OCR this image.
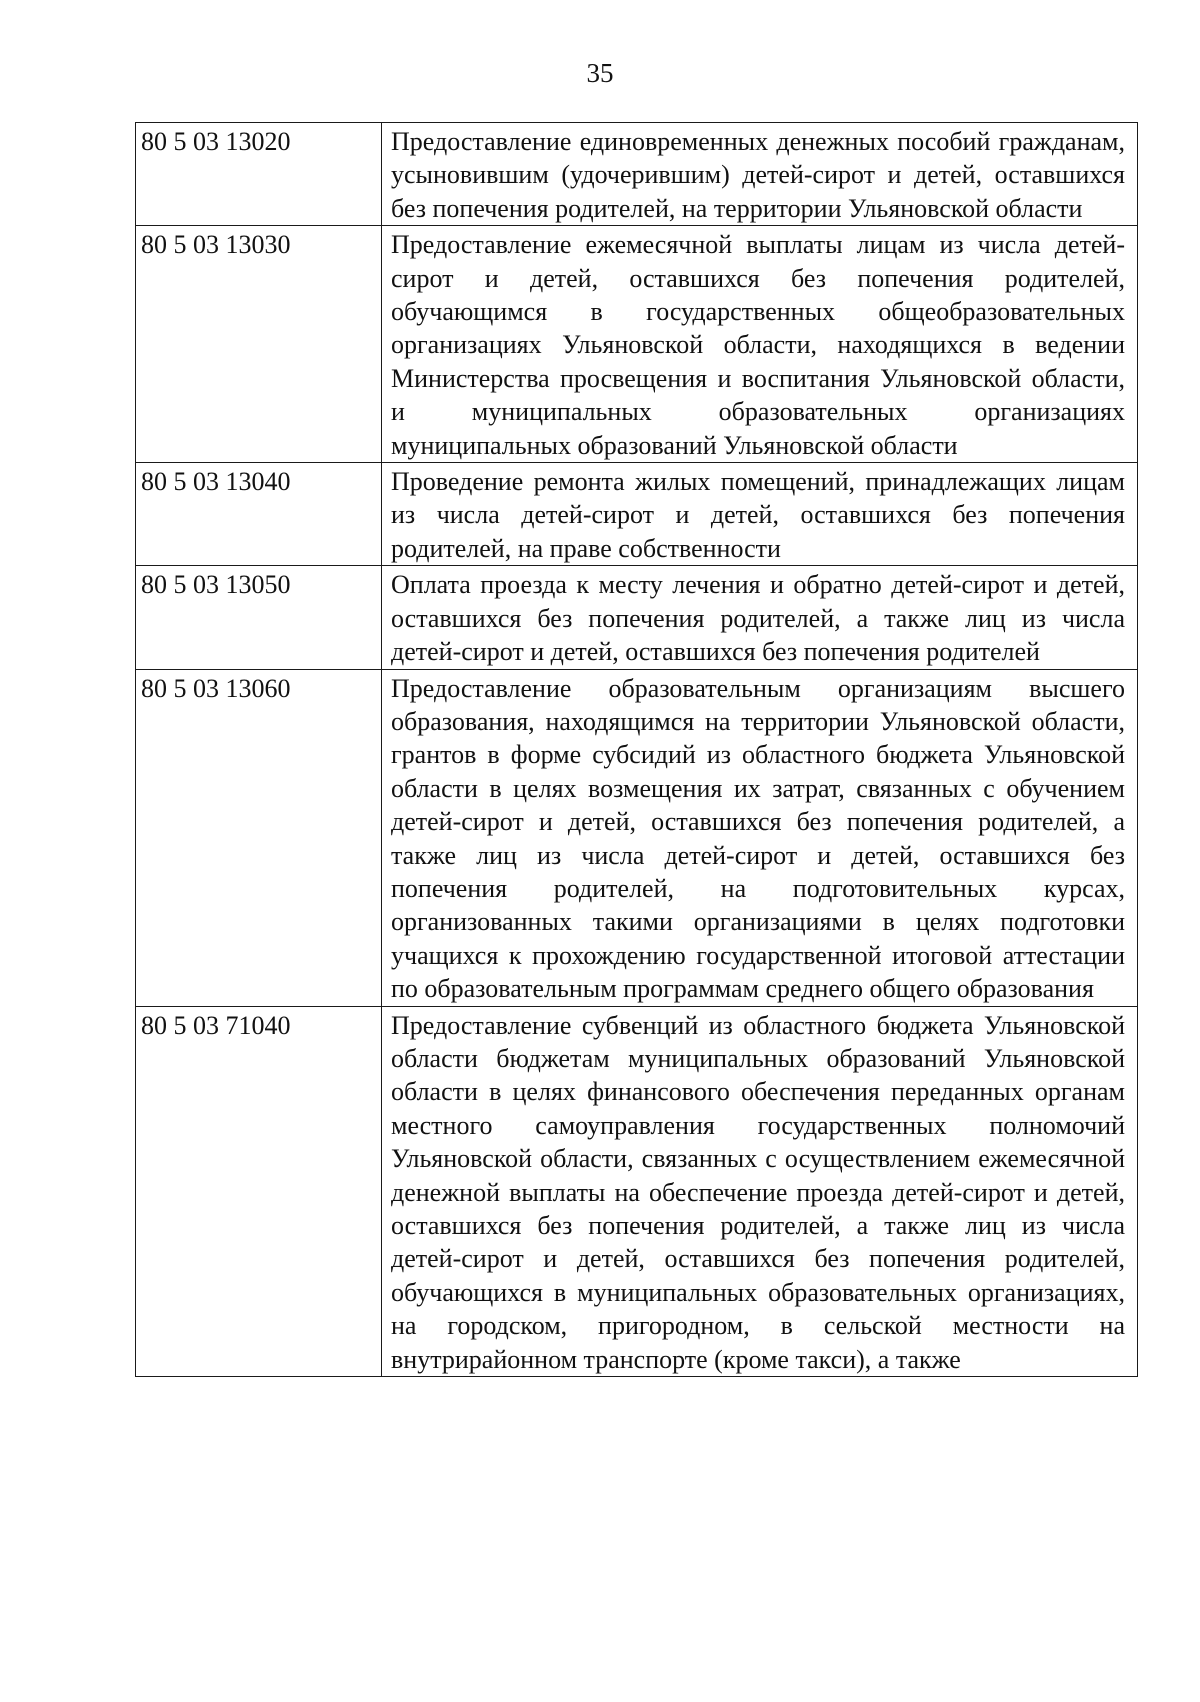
35
80 5 03 13020	Предоставление единовременных денежных пособий гражданам, усыновившим (удочерившим) детей-сирот и детей, оставшихся без попечения родителей, на территории Ульяновской области
80 5 03 13030	Предоставление ежемесячной выплаты лицам из числа детей-сирот и детей, оставшихся без попечения родителей, обучающимся в государственных общеобразовательных организациях Ульяновской области, находящихся в ведении Министерства просвещения и воспитания Ульяновской области, и муниципальных образовательных организациях муниципальных образований Ульяновской области
80 5 03 13040	Проведение ремонта жилых помещений, принадлежащих лицам из числа детей-сирот и детей, оставшихся без попечения родителей, на праве собственности
80 5 03 13050	Оплата проезда к месту лечения и обратно детей-сирот и детей, оставшихся без попечения родителей, а также лиц из числа детей-сирот и детей, оставшихся без попечения родителей
80 5 03 13060	Предоставление образовательным организациям высшего образования, находящимся на территории Ульяновской области, грантов в форме субсидий из областного бюджета Ульяновской области в целях возмещения их затрат, связанных с обучением детей-сирот и детей, оставшихся без попечения родителей, а также лиц из числа детей-сирот и детей, оставшихся без попечения родителей, на подготовительных курсах, организованных такими организациями в целях подготовки учащихся к прохождению государственной итоговой аттестации по образовательным программам среднего общего образования
80 5 03 71040	Предоставление субвенций из областного бюджета Ульяновской области бюджетам муниципальных образований Ульяновской области в целях финансового обеспечения переданных органам местного самоуправления государственных полномочий Ульяновской области, связанных с осуществлением ежемесячной денежной выплаты на обеспечение проезда детей-сирот и детей, оставшихся без попечения родителей, а также лиц из числа детей-сирот и детей, оставшихся без попечения родителей, обучающихся в муниципальных образовательных организациях, на городском, пригородном, в сельской местности на внутрирайонном транспорте (кроме такси), а также
